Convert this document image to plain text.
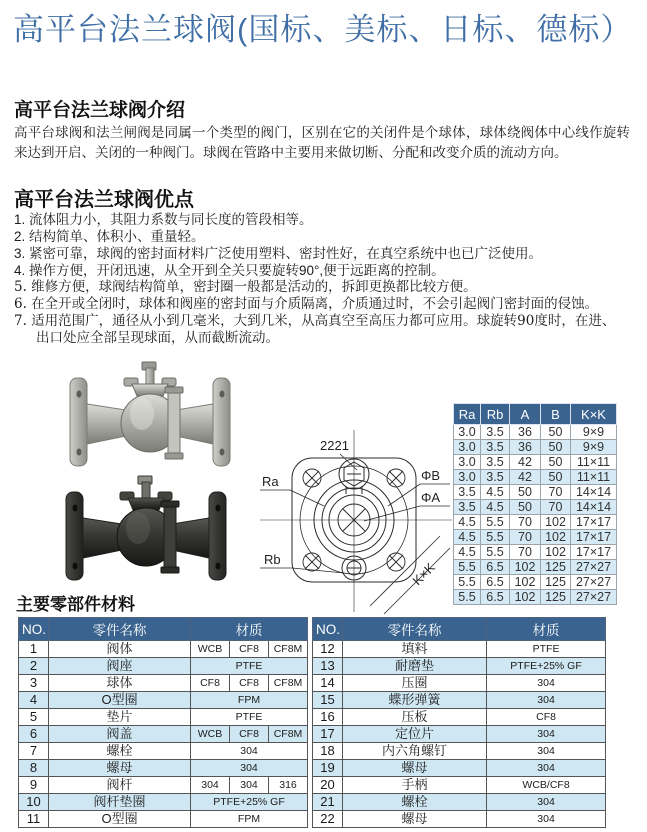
高平台法兰球阀(国标、美标、日标、德标）
高平台法兰球阀介绍
高平台球阀和法兰闸阀是同属一个类型的阀门，区别在它的关闭件是个球体，球体绕阀体中心线作旋转来达到开启、关闭的一种阀门。球阀在管路中主要用来做切断、分配和改变介质的流动方向。
高平台法兰球阀优点
1. 流体阻力小，其阻力系数与同长度的管段相等。
2. 结构简单、体积小、重量轻。
3. 紧密可靠，球阀的密封面材料广泛使用塑料、密封性好，在真空系统中也已广泛使用。
4. 操作方便，开闭迅速，从全开到全关只要旋转90°,便于远距离的控制。
5. 维修方便，球阀结构简单，密封圈一般都是活动的，拆卸更换都比较方便。
6. 在全开或全闭时，球体和阀座的密封面与介质隔离，介质通过时，不会引起阀门密封面的侵蚀。
7. 适用范围广，通径从小到几毫米，大到几米，从高真空至高压力都可应用。球旋转90度时，在进、
出口处应全部呈现球面，从而截断流动。
2221
Ra
Rb
ΦB
ΦA
K×K
Ra	Rb	A	B	K×K
3.0	3.5	36	50	9×9
3.0	3.5	36	50	9×9
3.0	3.5	42	50	11×11
3.0	3.5	42	50	11×11
3.5	4.5	50	70	14×14
3.5	4.5	50	70	14×14
4.5	5.5	70	102	17×17
4.5	5.5	70	102	17×17
4.5	5.5	70	102	17×17
5.5	6.5	102	125	27×27
5.5	6.5	102	125	27×27
5.5	6.5	102	125	27×27
主要零部件材料
NO.	零件名称	材质
1	阀体	WCB CF8 CF8M

2	阀座	PTFE

3	球体	CF8 CF8 CF8M

4	O型圈	FPM

5	垫片	PTFE

6	阀盖	WCB CF8 CF8M

7	螺栓	304

8	螺母	304

9	阀杆	304 304 316

10	阀杆垫圈	PTFE+25% GF

11	O型圈	FPM
NO.	零件名称	材质
12	填料	PTFE

13	耐磨垫	PTFE+25% GF

14	压圈	304

15	蝶形弹簧	304

16	压板	CF8

17	定位片	304

18	内六角螺钉	304

19	螺母	304

20	手柄	WCB/CF8

21	螺栓	304

22	螺母	304
